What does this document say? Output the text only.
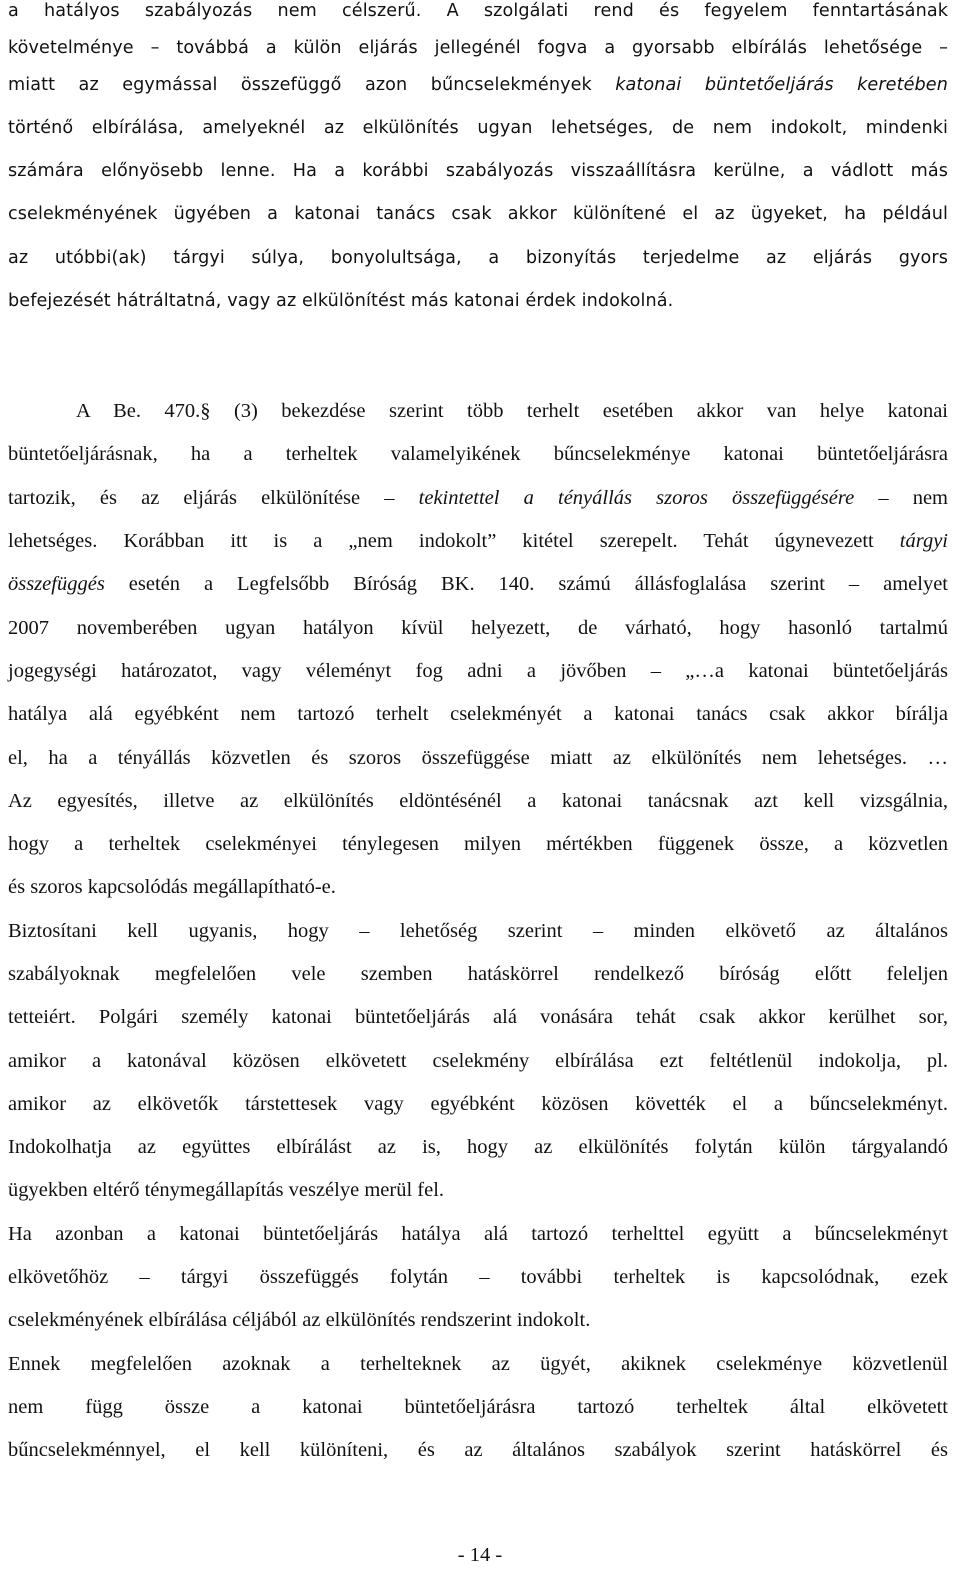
a hatályos szabályozás nem célszerű. A szolgálati rend és fegyelem fenntartásának
követelménye – továbbá a külön eljárás jellegénél fogva a gyorsabb elbírálás lehetősége –
miatt az egymással összefüggő azon bűncselekmények katonai büntetőeljárás keretében
történő elbírálása, amelyeknél az elkülönítés ugyan lehetséges, de nem indokolt, mindenki
számára előnyösebb lenne. Ha a korábbi szabályozás visszaállításra kerülne, a vádlott más
cselekményének ügyében a katonai tanács csak akkor különítené el az ügyeket, ha például
az utóbbi(ak) tárgyi súlya, bonyolultsága, a bizonyítás terjedelme az eljárás gyors
befejezését hátráltatná, vagy az elkülönítést más katonai érdek indokolná.
A Be. 470.§ (3) bekezdése szerint több terhelt esetében akkor van helye katonai
büntetőeljárásnak, ha a terheltek valamelyikének bűncselekménye katonai büntetőeljárásra
tartozik, és az eljárás elkülönítése – tekintettel a tényállás szoros összefüggésére – nem
lehetséges. Korábban itt is a „nem indokolt” kitétel szerepelt. Tehát úgynevezett tárgyi
összefüggés esetén a Legfelsőbb Bíróság BK. 140. számú állásfoglalása szerint – amelyet
2007 novemberében ugyan hatályon kívül helyezett, de várható, hogy hasonló tartalmú
jogegységi határozatot, vagy véleményt fog adni a jövőben – „…a katonai büntetőeljárás
hatálya alá egyébként nem tartozó terhelt cselekményét a katonai tanács csak akkor bírálja
el, ha a tényállás közvetlen és szoros összefüggése miatt az elkülönítés nem lehetséges. …
Az egyesítés, illetve az elkülönítés eldöntésénél a katonai tanácsnak azt kell vizsgálnia,
hogy a terheltek cselekményei ténylegesen milyen mértékben függenek össze, a közvetlen
és szoros kapcsolódás megállapítható-e.
Biztosítani kell ugyanis, hogy – lehetőség szerint – minden elkövető az általános
szabályoknak megfelelően vele szemben hatáskörrel rendelkező bíróság előtt feleljen
tetteiért. Polgári személy katonai büntetőeljárás alá vonására tehát csak akkor kerülhet sor,
amikor a katonával közösen elkövetett cselekmény elbírálása ezt feltétlenül indokolja, pl.
amikor az elkövetők társtettesek vagy egyébként közösen követték el a bűncselekményt.
Indokolhatja az együttes elbírálást az is, hogy az elkülönítés folytán külön tárgyalandó
ügyekben eltérő ténymegállapítás veszélye merül fel.
Ha azonban a katonai büntetőeljárás hatálya alá tartozó terhelttel együtt a bűncselekményt
elkövetőhöz – tárgyi összefüggés folytán – további terheltek is kapcsolódnak, ezek
cselekményének elbírálása céljából az elkülönítés rendszerint indokolt.
Ennek megfelelően azoknak a terhelteknek az ügyét, akiknek cselekménye közvetlenül
nem függ össze a katonai büntetőeljárásra tartozó terheltek által elkövetett
bűncselekménnyel, el kell különíteni, és az általános szabályok szerint hatáskörrel és
- 14 -
